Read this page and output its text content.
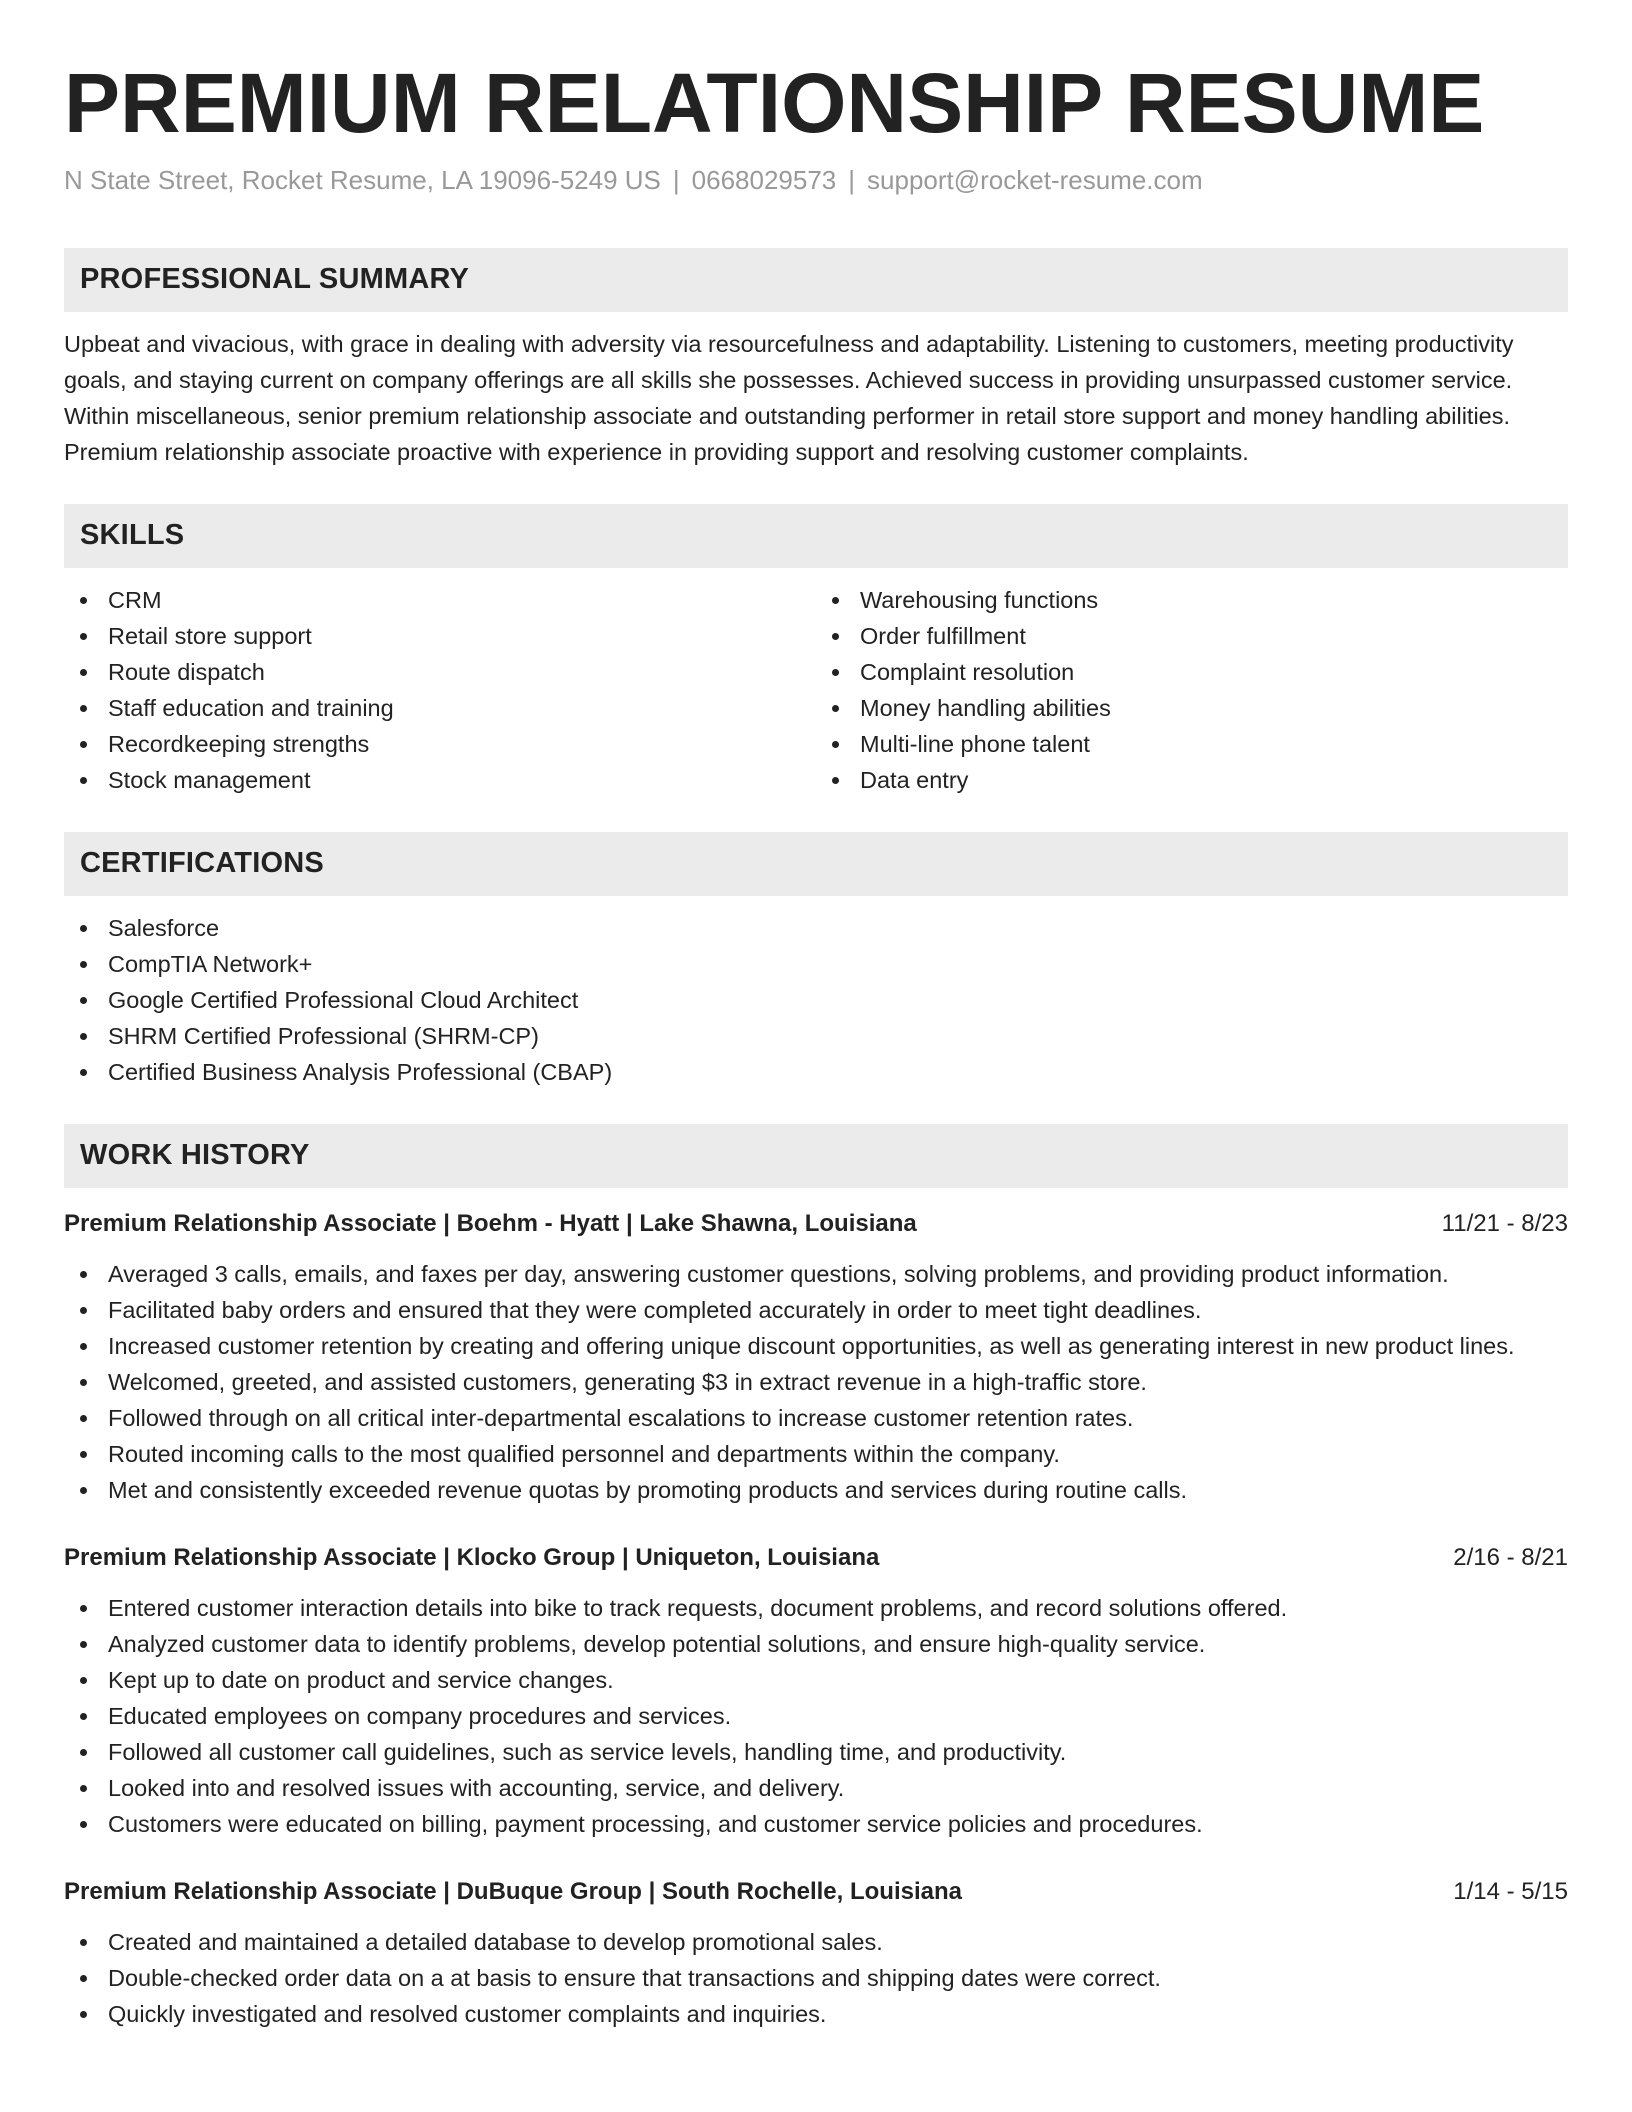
PREMIUM RELATIONSHIP RESUME
N State Street, Rocket Resume, LA 19096-5249 US | 0668029573 | support@rocket-resume.com
PROFESSIONAL SUMMARY

Upbeat and vivacious, with grace in dealing with adversity via resourcefulness and adaptability. Listening to customers, meeting productivity goals, and staying current on company offerings are all skills she possesses. Achieved success in providing unsurpassed customer service. Within miscellaneous, senior premium relationship associate and outstanding performer in retail store support and money handling abilities. Premium relationship associate proactive with experience in providing support and resolving customer complaints.

SKILLS
CRM
Retail store support
Route dispatch
Staff education and training
Recordkeeping strengths
Stock management
Warehousing functions
Order fulfillment
Complaint resolution
Money handling abilities
Multi-line phone talent
Data entry
CERTIFICATIONS
Salesforce
CompTIA Network+
Google Certified Professional Cloud Architect
SHRM Certified Professional (SHRM-CP)
Certified Business Analysis Professional (CBAP)
WORK HISTORY
Premium Relationship Associate | Boehm - Hyatt | Lake Shawna, Louisiana	11/21 - 8/23
Averaged 3 calls, emails, and faxes per day, answering customer questions, solving problems, and providing product information.
Facilitated baby orders and ensured that they were completed accurately in order to meet tight deadlines.
Increased customer retention by creating and offering unique discount opportunities, as well as generating interest in new product lines.
Welcomed, greeted, and assisted customers, generating $3 in extract revenue in a high-traffic store.
Followed through on all critical inter-departmental escalations to increase customer retention rates.
Routed incoming calls to the most qualified personnel and departments within the company.
Met and consistently exceeded revenue quotas by promoting products and services during routine calls.
Premium Relationship Associate | Klocko Group | Uniqueton, Louisiana	2/16 - 8/21
Entered customer interaction details into bike to track requests, document problems, and record solutions offered.
Analyzed customer data to identify problems, develop potential solutions, and ensure high-quality service.
Kept up to date on product and service changes.
Educated employees on company procedures and services.
Followed all customer call guidelines, such as service levels, handling time, and productivity.
Looked into and resolved issues with accounting, service, and delivery.
Customers were educated on billing, payment processing, and customer service policies and procedures.
Premium Relationship Associate | DuBuque Group | South Rochelle, Louisiana	1/14 - 5/15
Created and maintained a detailed database to develop promotional sales.
Double-checked order data on a at basis to ensure that transactions and shipping dates were correct.
Quickly investigated and resolved customer complaints and inquiries.
